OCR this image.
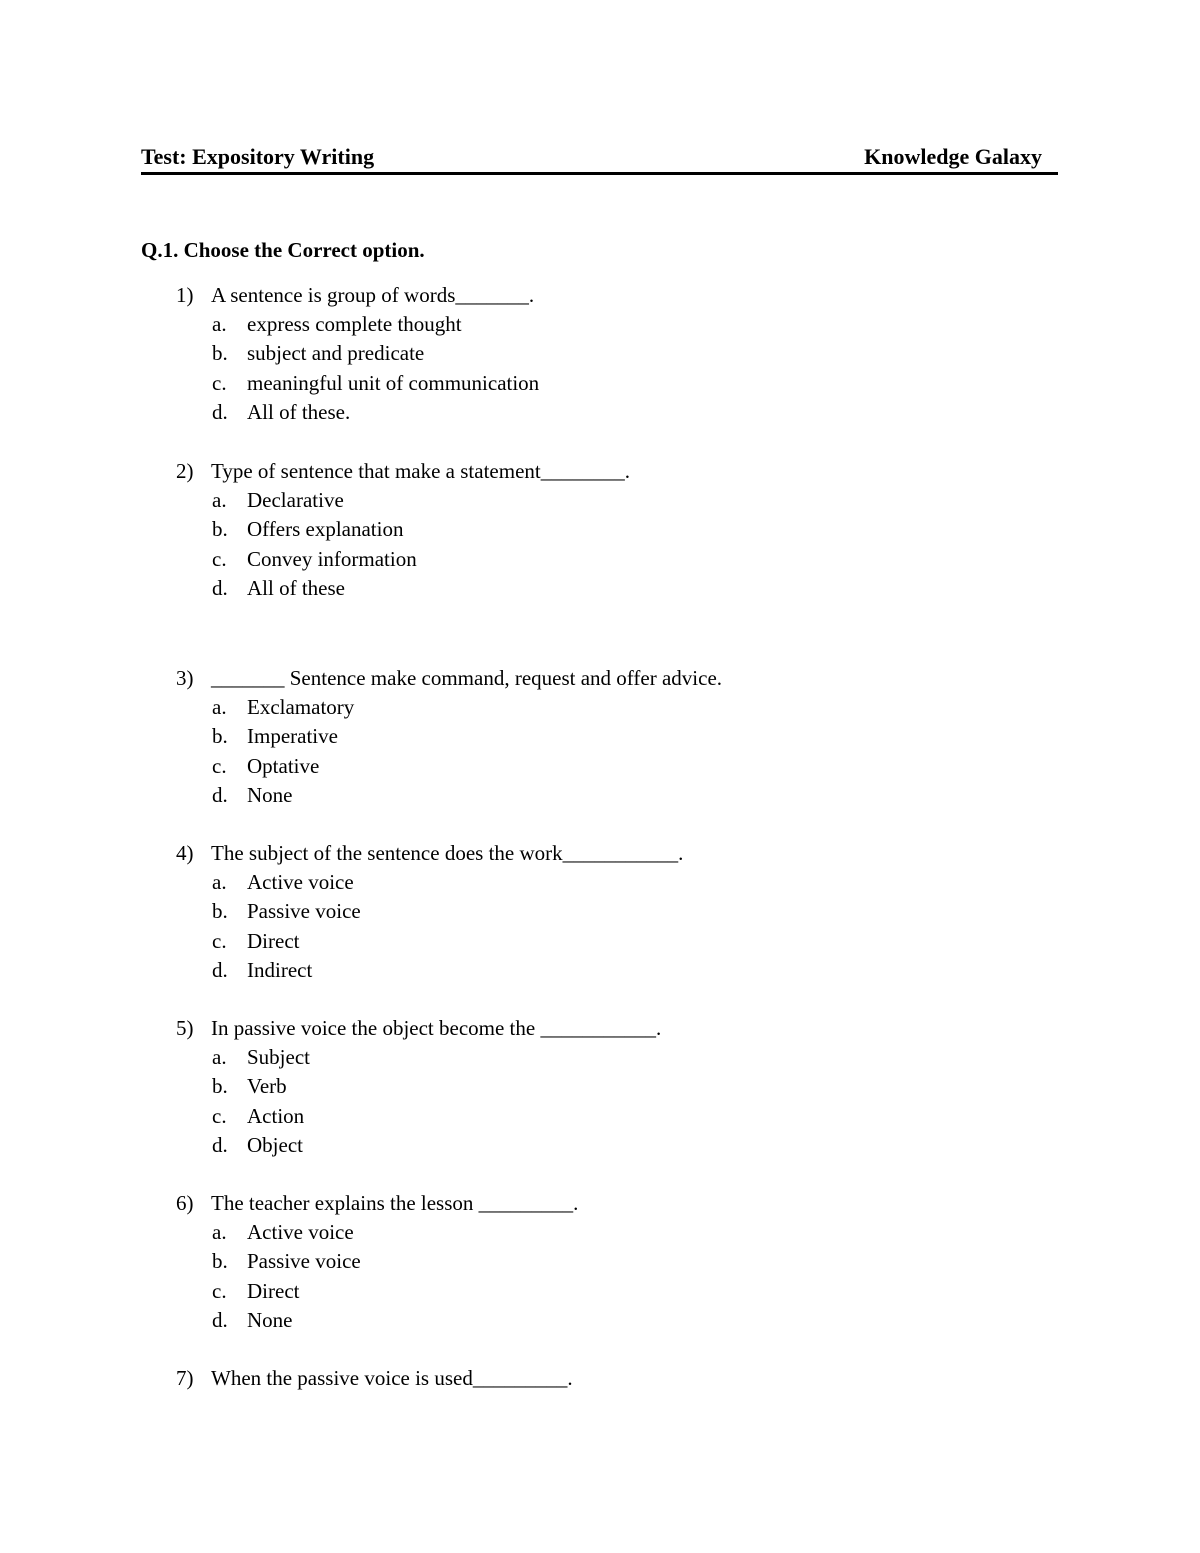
Test: Expository Writing	Knowledge Galaxy
Q.1. Choose the Correct option.
1) A sentence is group of words_______.
a. express complete thought
b. subject and predicate
c. meaningful unit of communication
d. All of these.
2) Type of sentence that make a statement________.
a. Declarative
b. Offers explanation
c. Convey information
d. All of these
3) _______ Sentence make command, request and offer advice.
a. Exclamatory
b. Imperative
c. Optative
d. None
4) The subject of the sentence does the work___________.
a. Active voice
b. Passive voice
c. Direct
d. Indirect
5) In passive voice the object become the ___________.
a. Subject
b. Verb
c. Action
d. Object
6) The teacher explains the lesson _________.
a. Active voice
b. Passive voice
c. Direct
d. None
7) When the passive voice is used_________.
